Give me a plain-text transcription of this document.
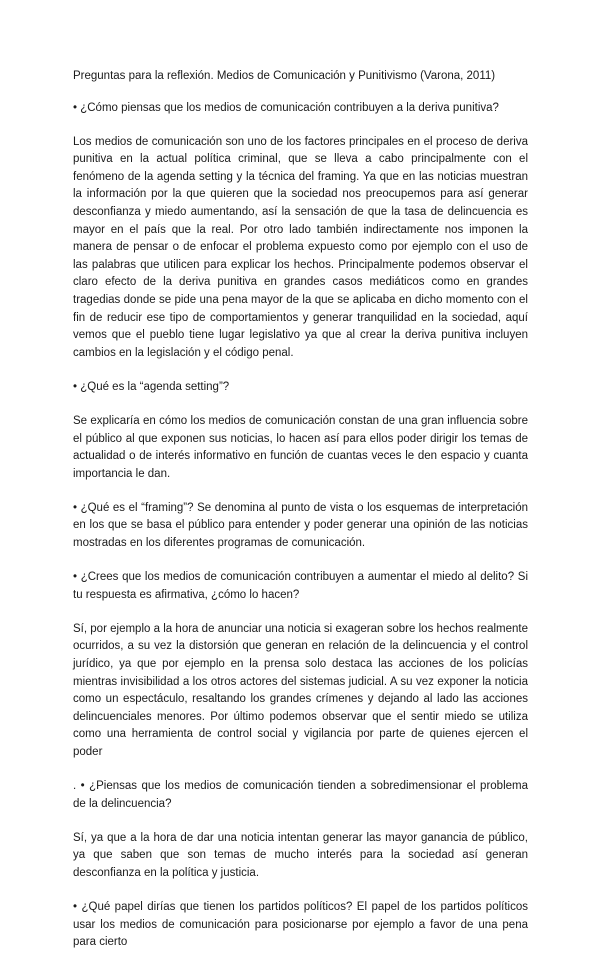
Preguntas para la reflexión. Medios de Comunicación y Punitivismo (Varona, 2011)

• ¿Cómo piensas que los medios de comunicación contribuyen a la deriva punitiva?

Los medios de comunicación son uno de los factores principales en el proceso de deriva punitiva en la actual política criminal, que se lleva a cabo principalmente con el fenómeno de la agenda setting y la técnica del framing. Ya que en las noticias muestran la información por la que quieren que la sociedad nos preocupemos para así generar desconfianza y miedo aumentando, así la sensación de que la tasa de delincuencia es mayor en el país que la real. Por otro lado también indirectamente nos imponen la manera de pensar o de enfocar el problema expuesto como por ejemplo con el uso de las palabras que utilicen para explicar los hechos. Principalmente podemos observar el claro efecto de la deriva punitiva en grandes casos mediáticos como en grandes tragedias donde se pide una pena mayor de la que se aplicaba en dicho momento con el fin de reducir ese tipo de comportamientos y generar tranquilidad en la sociedad, aquí vemos que el pueblo tiene lugar legislativo ya que al crear la deriva punitiva incluyen cambios en la legislación y el código penal.

• ¿Qué es la “agenda setting”?

Se explicaría en cómo los medios de comunicación constan de una gran influencia sobre el público al que exponen sus noticias, lo hacen así para ellos poder dirigir los temas de actualidad o de interés informativo en función de cuantas veces le den espacio y cuanta importancia le dan.

• ¿Qué es el “framing”? Se denomina al punto de vista o los esquemas de interpretación en los que se basa el público para entender y poder generar una opinión de las noticias mostradas en los diferentes programas de comunicación.

• ¿Crees que los medios de comunicación contribuyen a aumentar el miedo al delito? Si tu respuesta es afirmativa, ¿cómo lo hacen?

Sí, por ejemplo a la hora de anunciar una noticia si exageran sobre los hechos realmente ocurridos, a su vez la distorsión que generan en relación de la delincuencia y el control jurídico, ya que por ejemplo en la prensa solo destaca las acciones de los policías mientras invisibilidad a los otros actores del sistemas judicial. A su vez exponer la noticia como un espectáculo, resaltando los grandes crímenes y dejando al lado las acciones delincuenciales menores. Por último podemos observar que el sentir miedo se utiliza como una herramienta de control social y vigilancia por parte de quienes ejercen el poder

. • ¿Piensas que los medios de comunicación tienden a sobredimensionar el problema de la delincuencia?

Sí, ya que a la hora de dar una noticia intentan generar las mayor ganancia de público, ya que saben que son temas de mucho interés para la sociedad así generan desconfianza en la política y justicia.

• ¿Qué papel dirías que tienen los partidos políticos? El papel de los partidos políticos usar los medios de comunicación para posicionarse por ejemplo a favor de una pena para cierto
